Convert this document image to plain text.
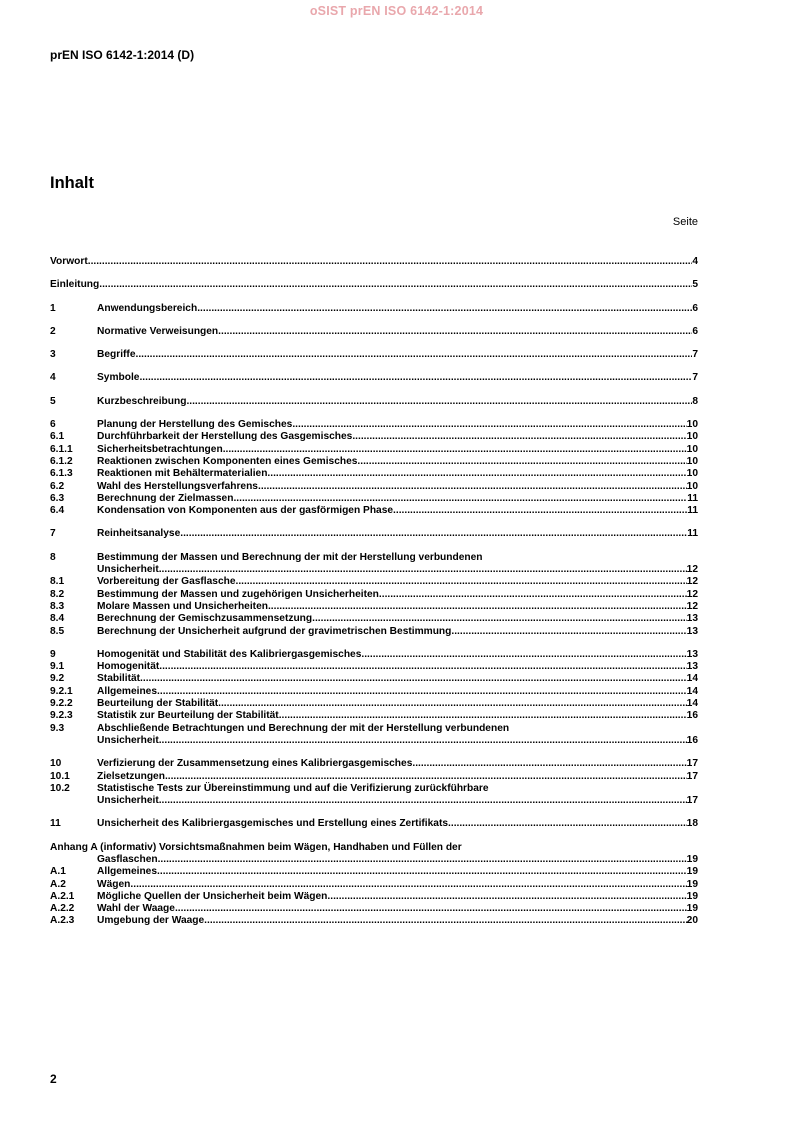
oSIST prEN ISO 6142-1:2014
prEN ISO 6142-1:2014 (D)
Inhalt
Seite
Vorwort .....	4
Einleitung .....	5
1	Anwendungsbereich .....	6
2	Normative Verweisungen .....	6
3	Begriffe .....	7
4	Symbole .....	7
5	Kurzbeschreibung .....	8
6	Planung der Herstellung des Gemisches .....	10
6.1	Durchführbarkeit der Herstellung des Gasgemisches .....	10
6.1.1	Sicherheitsbetrachtungen .....	10
6.1.2	Reaktionen zwischen Komponenten eines Gemisches .....	10
6.1.3	Reaktionen mit Behältermaterialien .....	10
6.2	Wahl des Herstellungsverfahrens .....	10
6.3	Berechnung der Zielmassen .....	11
6.4	Kondensation von Komponenten aus der gasförmigen Phase .....	11
7	Reinheitsanalyse .....	11
8	Bestimmung der Massen und Berechnung der mit der Herstellung verbundenen
Unsicherheit .....	12
8.1	Vorbereitung der Gasflasche .....	12
8.2	Bestimmung der Massen und zugehörigen Unsicherheiten .....	12
8.3	Molare Massen und Unsicherheiten .....	12
8.4	Berechnung der Gemischzusammensetzung .....	13
8.5	Berechnung der Unsicherheit aufgrund der gravimetrischen Bestimmung .....	13
9	Homogenität und Stabilität des Kalibriergasgemisches .....	13
9.1	Homogenität .....	13
9.2	Stabilität .....	14
9.2.1	Allgemeines .....	14
9.2.2	Beurteilung der Stabilität .....	14
9.2.3	Statistik zur Beurteilung der Stabilität .....	16
9.3	Abschließende Betrachtungen und Berechnung der mit der Herstellung verbundenen
Unsicherheit .....	16
10	Verfizierung der Zusammensetzung eines Kalibriergasgemisches .....	17
10.1	Zielsetzungen .....	17
10.2	Statistische Tests zur Übereinstimmung und auf die Verifizierung zurückführbare
Unsicherheit .....	17
11	Unsicherheit des Kalibriergasgemisches und Erstellung eines Zertifikats .....	18
Anhang A (informativ) Vorsichtsmaßnahmen beim Wägen, Handhaben und Füllen der
Gasflaschen .....	19
A.1	Allgemeines .....	19
A.2	Wägen .....	19
A.2.1	Mögliche Quellen der Unsicherheit beim Wägen .....	19
A.2.2	Wahl der Waage .....	19
A.2.3	Umgebung der Waage .....	20
2
